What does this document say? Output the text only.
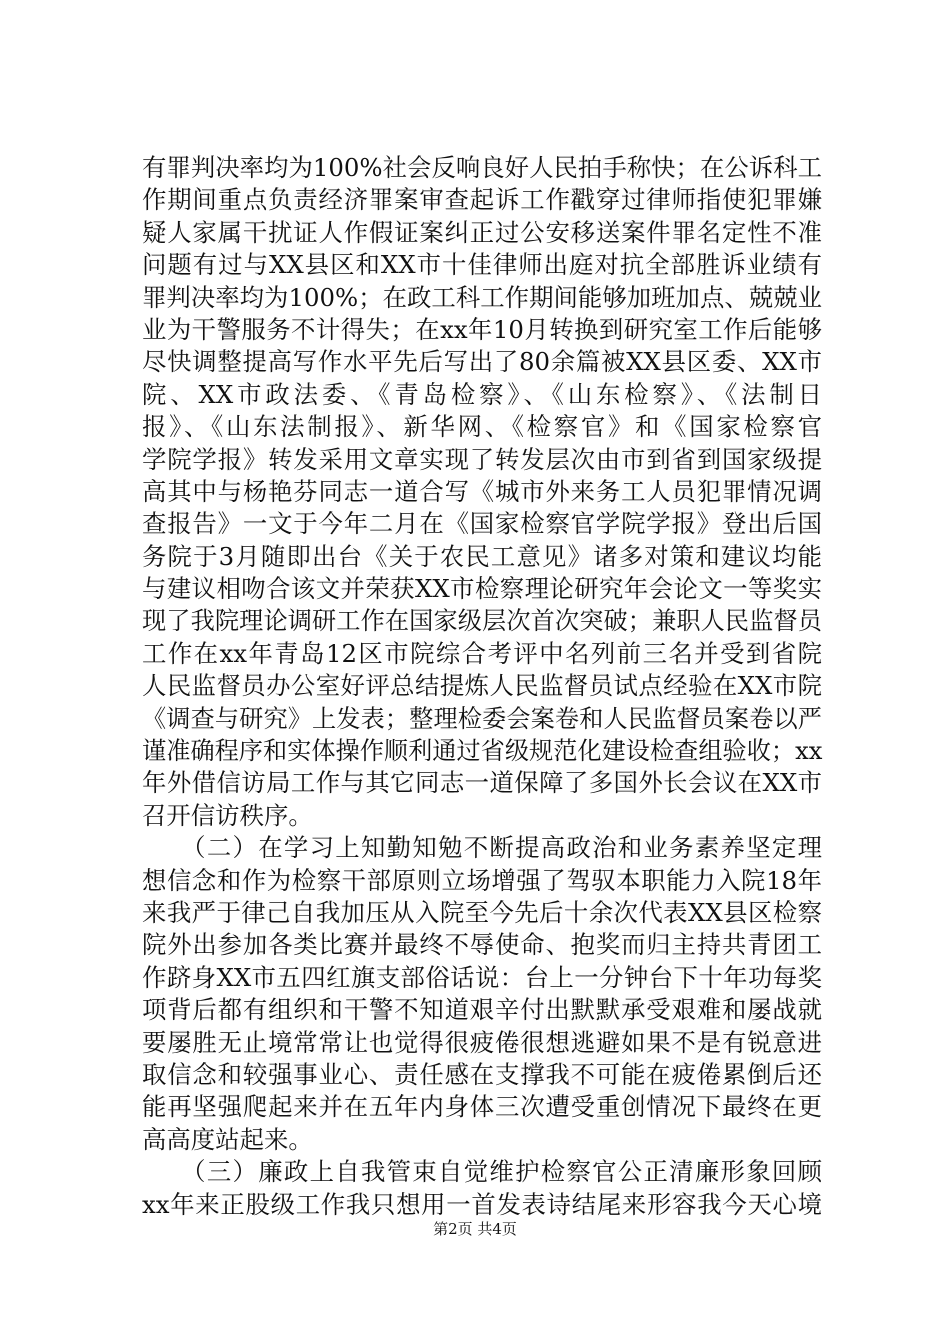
有罪判决率均为100%社会反响良好人民拍手称快；在公诉科工
作期间重点负责经济罪案审查起诉工作戳穿过律师指使犯罪嫌
疑人家属干扰证人作假证案纠正过公安移送案件罪名定性不准
问题有过与XX县区和XX市十佳律师出庭对抗全部胜诉业绩有
罪判决率均为100%；在政工科工作期间能够加班加点、兢兢业
业为干警服务不计得失；在xx年10月转换到研究室工作后能够
尽快调整提高写作水平先后写出了80余篇被XX县区委、XX市
院、XX市政法委、《青岛检察》、《山东检察》、《法制日
报》、《山东法制报》、新华网、《检察官》和《国家检察官
学院学报》转发采用文章实现了转发层次由市到省到国家级提
高其中与杨艳芬同志一道合写《城市外来务工人员犯罪情况调
查报告》一文于今年二月在《国家检察官学院学报》登出后国
务院于3月随即出台《关于农民工意见》诸多对策和建议均能
与建议相吻合该文并荣获XX市检察理论研究年会论文一等奖实
现了我院理论调研工作在国家级层次首次突破；兼职人民监督员
工作在xx年青岛12区市院综合考评中名列前三名并受到省院
人民监督员办公室好评总结提炼人民监督员试点经验在XX市院
《调查与研究》上发表；整理检委会案卷和人民监督员案卷以严
谨准确程序和实体操作顺利通过省级规范化建设检查组验收；xx
年外借信访局工作与其它同志一道保障了多国外长会议在XX市
召开信访秩序。
　　（二）在学习上知勤知勉不断提高政治和业务素养坚定理
想信念和作为检察干部原则立场增强了驾驭本职能力入院18年
来我严于律己自我加压从入院至今先后十余次代表XX县区检察
院外出参加各类比赛并最终不辱使命、抱奖而归主持共青团工
作跻身XX市五四红旗支部俗话说：台上一分钟台下十年功每奖
项背后都有组织和干警不知道艰辛付出默默承受艰难和屡战就
要屡胜无止境常常让也觉得很疲倦很想逃避如果不是有锐意进
取信念和较强事业心、责任感在支撑我不可能在疲倦累倒后还
能再坚强爬起来并在五年内身体三次遭受重创情况下最终在更
高高度站起来。
　　（三）廉政上自我管束自觉维护检察官公正清廉形象回顾
xx年来正股级工作我只想用一首发表诗结尾来形容我今天心境
第2页 共4页
